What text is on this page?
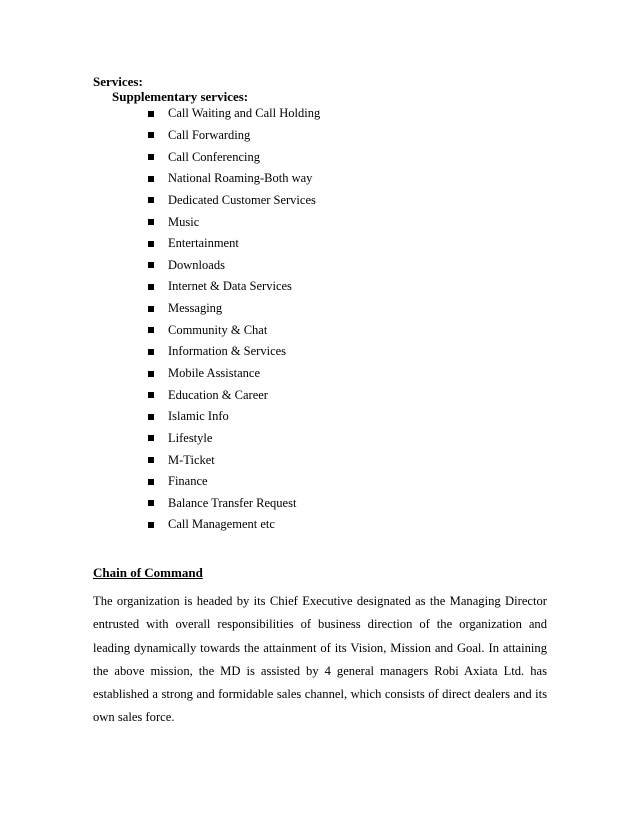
Services:
Supplementary services:
Call Waiting and Call Holding
Call Forwarding
Call Conferencing
National Roaming-Both way
Dedicated Customer Services
Music
Entertainment
Downloads
Internet & Data Services
Messaging
Community & Chat
Information & Services
Mobile Assistance
Education & Career
Islamic Info
Lifestyle
M-Ticket
Finance
Balance Transfer Request
Call Management etc
Chain of Command

The organization is headed by its Chief Executive designated as the Managing Director entrusted with overall responsibilities of business direction of the organization and leading dynamically towards the attainment of its Vision, Mission and Goal. In attaining the above mission, the MD is assisted by 4 general managers Robi Axiata Ltd. has established a strong and formidable sales channel, which consists of direct dealers and its own sales force.
